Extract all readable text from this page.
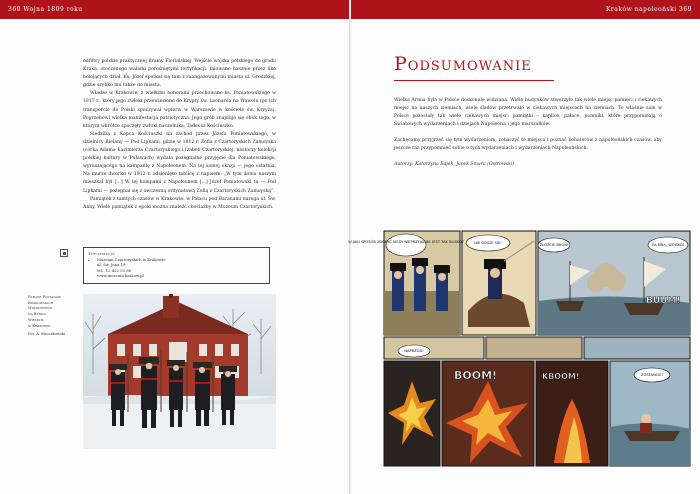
360 Wojna 1809 roku

odfiltry polskie praktycznej Bramy Florialskiej. Wejście wojska polskiego do grodu Kraka, otoczenego wałami porośniętymi fortyfikacji, falowano hasznie przez liko bolejących dział. Ks. Józef spotkał się tam z zaangażowanymi miasta ul. Grodzkiej, gdzie szybko mu także do miasta.

Władze w Krakowie, z wielkimi honorami przechowano ks. Poniatowskiego w 1817 r., który jego zwłoki przewiezione do Krypty św. Leonarda na Wawelu (po ich transporcie do Polski spoczywał wpierw w Warszawie w kościele św. Krzyża). Pogrzebowi wielka manifestacja patriotyczna. Jego grób znajduje się obok tego, w którym wkrótce spoczęły zwłoki naczelnika, Tadeusz Kościuszko.

Siedzibą z Kopca Kościuszki na zachód przez Józefa Poniatowskiego, w dzielnicy Bielany — Pod Lipkami, gdzie w 1812 r. Zofia z Czartoryskich Zamoyska (córka Adama Kazimierza Czartoryskiego i Izabeli Czartoryskiej, nestorzy kolekcji polskiej kultury w Puławach) wydała pożegnalne przyjęcie dla Poniatowskiego, wyruszającego na kampanię z Napoleonem. Na tej samej okazji — jego ostatnia. Na murze dworku w 1912 r. odsłonięto tablicę z napisem: „W tym domu naszym mieszkał był [...] W tej kompanii z Napoleonem [...] Józef Poniatowski tu — Pod Lipkami — pożegnał się z owczesną ordynatową Zofią z Czartoryskich Zamoyską”.

Pamiątek z tamtych czasów w Krakowie: w Pałacu pod Baranami naroga ul. Św. Anny. Wiele pamiątek z epoki można znaleźć chociażby w Muzeum Czartoryskich.

Informacje
• Muzeum Czartoryskich w Krakowie
ul. Św. Jana 19
tel.: 12 422 55 66
www.muzeum.krakow.pl
Parade Pociągów
Krakowskich
Wojskowego
na Rynku
Wielkim
w Krakowie
Fot. A. Mroczkowski
Kraków napoleoński 369
Podsumowanie

Wielka Armia była w Polsce doskonale widziana. Wiele budynków stworzyło tak wiele miejsc pamięci i ciekawych miejsc na naszych ziemiach, wiele śladów przetrwało w ciekawych miejscach na ziemiach. To właśnie sam w Polsce pozostały tak wiele ciekawych miejsc: pamiątki – kaplice, pałace, pomniki, które przypominają o Światowych wydarzeniach i dziejach Napoleona i jego marszałków.

Zachęcamy przyjrzeć się tym wydarzeniom, zobaczyć te miejsca i poznać bohaterów z napoleońskich czasów, aby jeszcze raz przypomnieć sobie o tych wydarzeniach i wydarzeniach Napoleońskich.

Autorzy: Katarzyna Bajek, Jacek Smura (Ostrowski)
W JAKI SPOSÓB ZDOBYĆ KIEDY NIEPRZYJACIEL JEST TAK BLISKO?	NIE BÓJCIE SIĘ!	ZŁÓŻCIE BROŃ!	ZA MNĄ, WOJSKO!
ZOSTAŃCIE!
NAPRZÓD!
BOOM!
BUUM!
KBOOM!
